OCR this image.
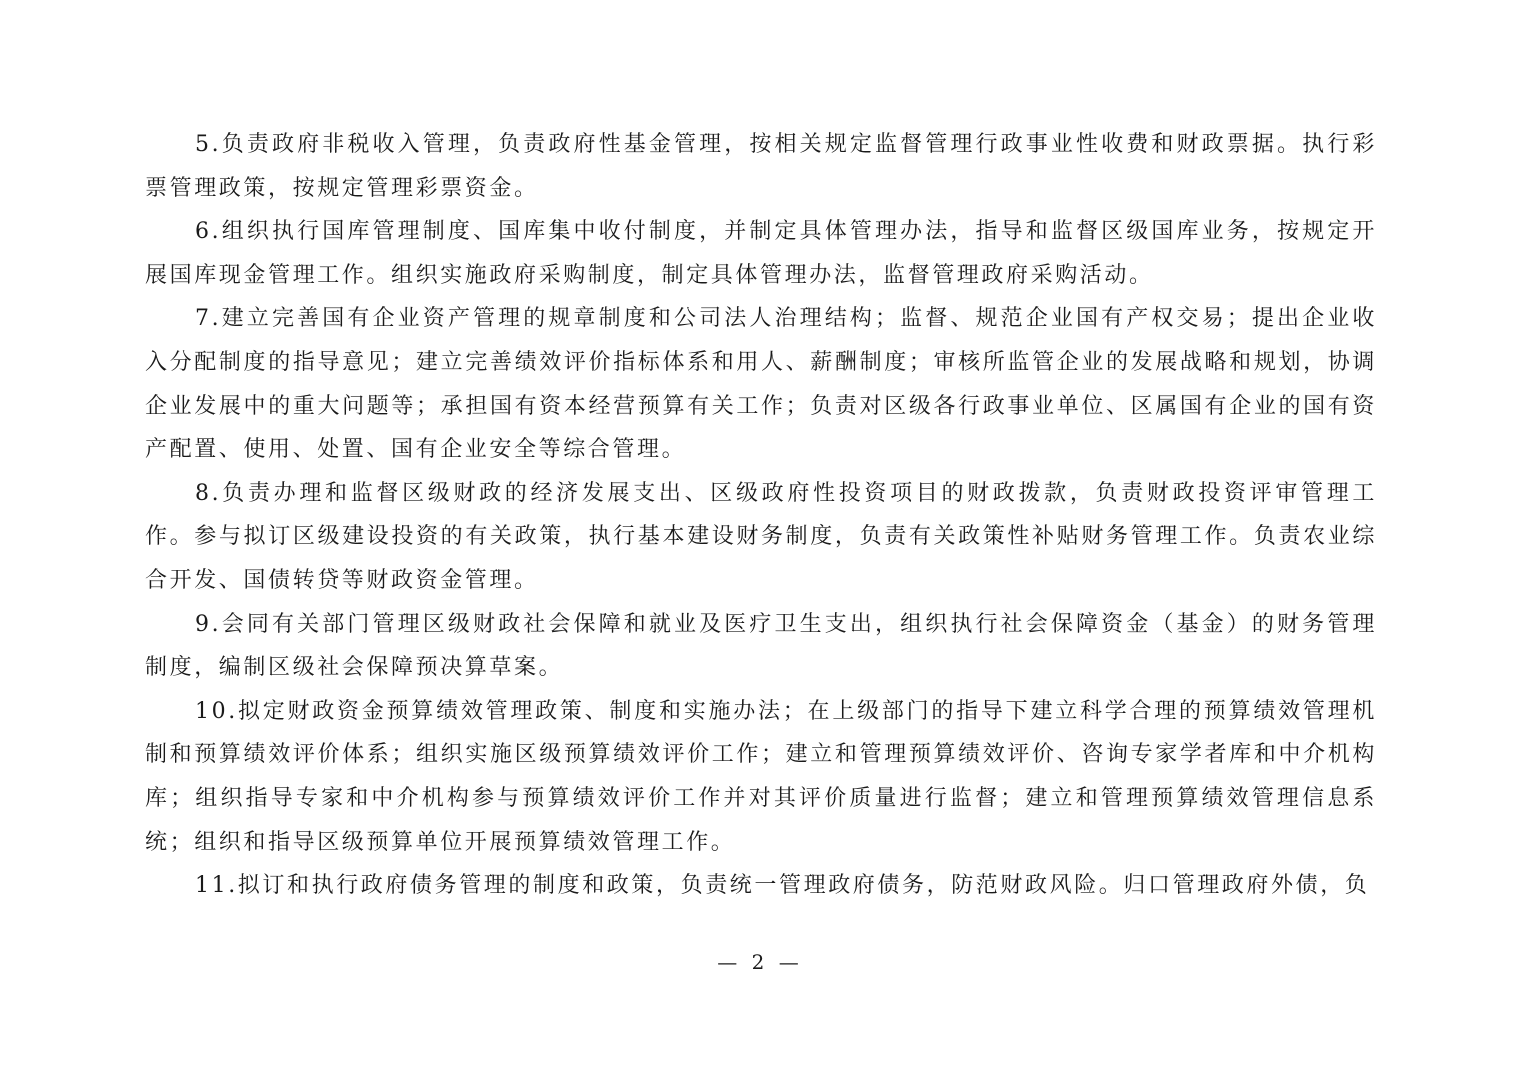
5.负责政府非税收入管理，负责政府性基金管理，按相关规定监督管理行政事业性收费和财政票据。执行彩票管理政策，按规定管理彩票资金。

6.组织执行国库管理制度、国库集中收付制度，并制定具体管理办法，指导和监督区级国库业务，按规定开展国库现金管理工作。组织实施政府采购制度，制定具体管理办法，监督管理政府采购活动。

7.建立完善国有企业资产管理的规章制度和公司法人治理结构；监督、规范企业国有产权交易；提出企业收入分配制度的指导意见；建立完善绩效评价指标体系和用人、薪酬制度；审核所监管企业的发展战略和规划，协调企业发展中的重大问题等；承担国有资本经营预算有关工作；负责对区级各行政事业单位、区属国有企业的国有资产配置、使用、处置、国有企业安全等综合管理。

8.负责办理和监督区级财政的经济发展支出、区级政府性投资项目的财政拨款，负责财政投资评审管理工作。参与拟订区级建设投资的有关政策，执行基本建设财务制度，负责有关政策性补贴财务管理工作。负责农业综合开发、国债转贷等财政资金管理。

9.会同有关部门管理区级财政社会保障和就业及医疗卫生支出，组织执行社会保障资金（基金）的财务管理制度，编制区级社会保障预决算草案。

10.拟定财政资金预算绩效管理政策、制度和实施办法；在上级部门的指导下建立科学合理的预算绩效管理机制和预算绩效评价体系；组织实施区级预算绩效评价工作；建立和管理预算绩效评价、咨询专家学者库和中介机构库；组织指导专家和中介机构参与预算绩效评价工作并对其评价质量进行监督；建立和管理预算绩效管理信息系统；组织和指导区级预算单位开展预算绩效管理工作。

11.拟订和执行政府债务管理的制度和政策，负责统一管理政府债务，防范财政风险。归口管理政府外债，负

— 2 —
